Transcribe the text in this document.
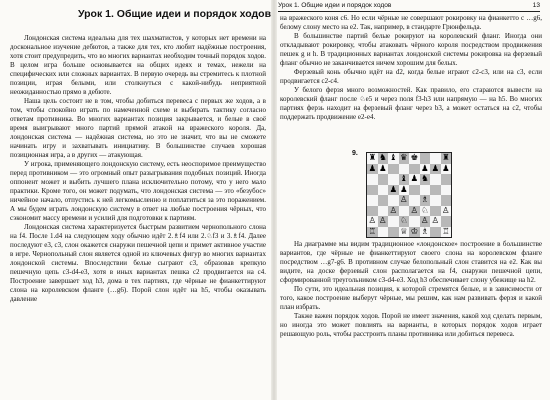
Урок 1. Общие идеи и порядок ходов

Лондонская система идеальна для тех шахматистов, у которых нет времени на доскональное изучение дебютов, а также для тех, кто любит надёжные построения, хотя стоит предупредить, что во многих вариантах необходим точный порядок ходов. В целом игра больше основывается на общих идеях и темах, нежели на специфических или сложных вариантах. В первую очередь вы стремитесь к плотной позиции, играя белыми, или столкнуться с какой-нибудь неприятной неожиданностью прямо в дебюте.

Наша цель состоит не в том, чтобы добиться перевеса с первых же ходов, а в том, чтобы спокойно играть по намеченной схеме и выбирать тактику согласно ответам противника. Во многих вариантах позиция закрывается, и белые в своё время выигрывают много партий прямой атакой на вражеского короля. Да, лондонская система — надёжная система, но это не значит, что вы не сможете начинать игру и захватывать инициативу. В большинстве случаев хорошая позиционная игра, а в других — атакующая.

У игрока, применяющего лондонскую систему, есть неоспоримое преимущество перед противником — это огромный опыт разыгрывания подобных позиций. Иногда оппонент может и выбить лучшего плана исключительно потому, что у него мало практики. Кроме того, он может подумать, что лондонская система — это «безубос» ничейное начало, отпустись к ней легкомысленно и поплатиться за это поражением. А мы будем играть лондонскую систему в ответ на любые построения чёрных, что сэкономит массу времени и усилий для подготовки к партиям.

Лондонская система характеризуется быстрым развитием чернопольного слона на f4. После 1.d4 на следующем ходу обычно идёт 2.♗f4 или 2.♘f3 и 3.♗f4. Далее последуют e3, c3, слон окажется снаружи пешечной цепи и примет активное участие в игре. Чернопольный слон является одной из ключевых фигур во многих вариантах лондонской системы. Впоследствии белые сыграют c3, образовав крепкую пешечную цепь c3-d4-e3, хотя в иных вариантах пешка c2 продвигается на c4. Построение завершает ход h3, дома в тех партиях, где чёрные не фианкеттируют слона на королевском фланге (…g6). Порой слон идёт на h5, чтобы оказывать давление

Урок 1. Общие идеи и порядок ходов	13

на вражеского коня c6. Но если чёрные не совершают рокировку на фианкетто с …g6, белому слону место на e2. Так, например, в стандарте Грюнфельда.

В большинстве партий белые рокируют на королевский фланг. Иногда они откладывают рокировку, чтобы атаковать чёрного короля посредством продвижения пешек g и h. В традиционных вариантах лондонской системы рокировка на ферзевый фланг обычно не заканчивается ничем хорошим для белых.

Ферзевый конь обычно идёт на d2, когда белые играют c2-c3, или на c3, если продвигается c2-c4.

У белого ферзя много возможностей. Как правило, его стараются вывести на королевский фланг после ♘e5 и через поля f3-h3 или напрямую — на h5. Во многих партиях ферзь находит на ферзевый фланг через b3, а может остаться на c2, чтобы поддержать продвижение e2-e4.

9. ♜ ♞ ♝ ♛ ♚	♜
♟ ♟	♟ ♟ ♟
♝ ♟ ♞
♟ ♟
♙ ♗
♙ ♙ ♘ ♙
♙ ♙ ♘ ♙ ♙
♖	♕ ♔ ♗ ♖

На диаграмме мы видим традиционное «лондонское» построение в большинстве вариантов, где чёрные не фианкеттируют своего слона на королевском фланге посредством …g7-g6. В противном случае белопольный слон ставится на e2. Как вы видите, на доске ферзевый слон располагается на f4, снаружи пешечной цепи, сформированной треугольником c3-d4-e3. Ход h3 обеспечивает слону убежище на h2.

По сути, это идеальная позиция, к которой стремятся белые, и в зависимости от того, какое построение выберут чёрные, мы решим, как нам развивать ферзя и какой план избрать.

Также важен порядок ходов. Порой не имеет значения, какой ход сделать первым, но иногда это может повлиять на варианты, в которых порядок ходов играет решающую роль, чтобы расстроить планы противника или добиться перевеса.
